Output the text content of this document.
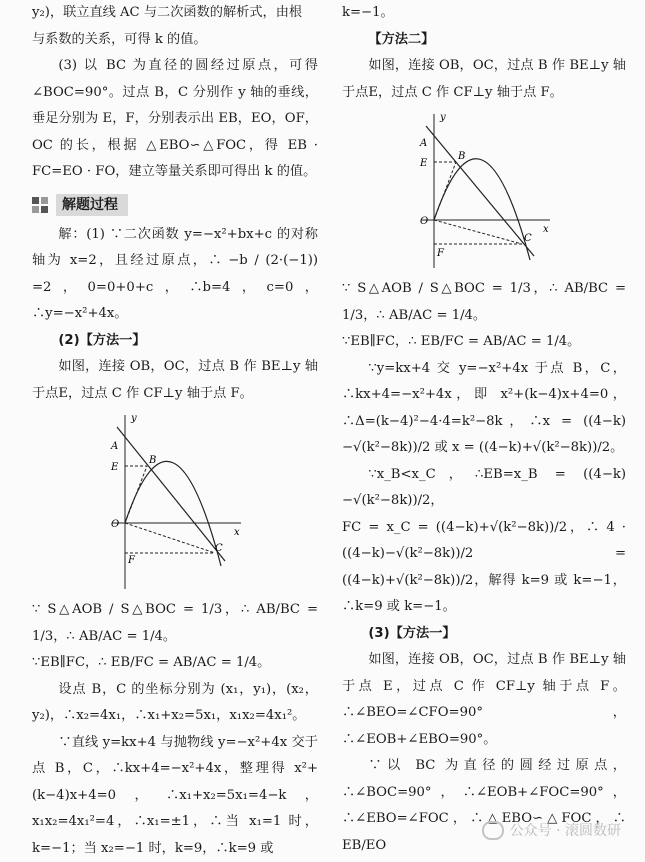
y₂)，联立直线 AC 与二次函数的解析式，由根

与系数的关系，可得 k 的值。

(3) 以 BC 为直径的圆经过原点，可得 ∠BOC=90°。过点 B，C 分别作 y 轴的垂线，垂足分别为 E，F，分别表示出 EB，EO，OF，OC 的长，根据 △EBO∽△FOC，得 EB · FC=EO · FO，建立等量关系即可得出 k 的值。

解题过程

解：(1) ∵二次函数 y=−x²+bx+c 的对称轴为 x=2，且经过原点，∴ −b / (2·(−1)) =2，0=0+0+c，∴b=4，c=0，∴y=−x²+4x。

(2)【方法一】

如图，连接 OB，OC，过点 B 作 BE⊥y 轴于点E，过点 C 作 CF⊥y 轴于点 F。

y
x
A
E
B
O
F
C

∵ S△AOB / S△BOC = 1/3，∴ AB/BC = 1/3，∴ AB/AC = 1/4。

∵EB∥FC，∴ EB/FC = AB/AC = 1/4。

设点 B，C 的坐标分别为 (x₁，y₁)，(x₂，y₂)，∴x₂=4x₁，∴x₁+x₂=5x₁，x₁x₂=4x₁²。

∵直线 y=kx+4 与抛物线 y=−x²+4x 交于点 B，C，∴kx+4=−x²+4x，整理得 x²+(k−4)x+4=0，∴x₁+x₂=5x₁=4−k，x₁x₂=4x₁²=4，∴x₁=±1，∴当 x₁=1 时，k=−1；当 x₂=−1 时，k=9，∴k=9 或

k=−1。

【方法二】

如图，连接 OB，OC，过点 B 作 BE⊥y 轴于点E，过点 C 作 CF⊥y 轴于点 F。

y
x
A
E
B
O
F
C

∵ S△AOB / S△BOC = 1/3，∴ AB/BC = 1/3，∴ AB/AC = 1/4。

∵EB∥FC，∴ EB/FC = AB/AC = 1/4。

∵y=kx+4 交 y=−x²+4x 于点 B，C，∴kx+4=−x²+4x，即 x²+(k−4)x+4=0，∴Δ=(k−4)²−4·4=k²−8k，∴x = ((4−k)−√(k²−8k))/2 或 x = ((4−k)+√(k²−8k))/2。

∵x_B<x_C，∴EB=x_B = ((4−k)−√(k²−8k))/2，

FC = x_C = ((4−k)+√(k²−8k))/2，∴ 4 · ((4−k)−√(k²−8k))/2 = ((4−k)+√(k²−8k))/2，解得 k=9 或 k=−1，∴k=9 或 k=−1。

(3)【方法一】

如图，连接 OB，OC，过点 B 作 BE⊥y 轴于点 E，过点 C 作 CF⊥y 轴于点 F。∴∠BEO=∠CFO=90°，∴∠EOB+∠EBO=90°。

∵以 BC 为直径的圆经过原点，∴∠BOC=90°，∴∠EOB+∠FOC=90°，∴∠EBO=∠FOC，∴△EBO∽△FOC，∴ EB/EO

公众号 · 滚圆数研
